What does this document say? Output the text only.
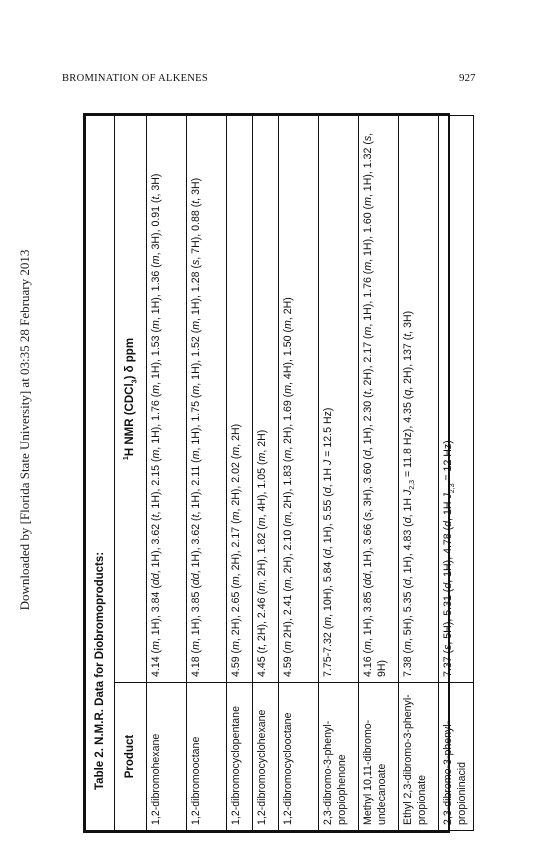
Downloaded by [Florida State University] at 03:35 28 February 2013
BROMINATION OF ALKENES	927
Table 2. N.M.R. Data for Diobromoproducts:	
Product	$^1$H NMR (CDCl$_3$) δ ppm
1,2-dibromohexane	4.14 (m, 1H), 3.84 (dd, 1H), 3.62 (t, 1H), 2.15 (m, 1H), 1.76 (m, 1H), 1.53 (m, 1H), 1.36 (m, 3H), 0.91 (t, 3H)
1,2-dibromooctane	4.18 (m, 1H), 3.85 (dd, 1H), 3.62 (t, 1H), 2.11 (m, 1H), 1.75 (m, 1H), 1.52 (m, 1H), 1.28 (s, 7H), 0.88 (t, 3H)
1,2-dibromocyclopentane	4.59 (m, 2H), 2.65 (m, 2H), 2.17 (m, 2H), 2.02 (m, 2H)
1,2-dibromocyclohexane	4.45 (t, 2H), 2.46 (m, 2H), 1.82 (m, 4H), 1.05 (m, 2H)
1,2-dibromocyclooctane	4.59 (m 2H), 2.41 (m, 2H), 2.10 (m, 2H), 1.83 (m, 2H), 1.69 (m, 4H), 1.50 (m, 2H)
2,3-dibromo-3-phenyl-propiophenone	7.75-7.32 (m, 10H), 5.84 (d, 1H), 5.55 (d, 1H J = 12.5 Hz)
Methyl 10,11-dibromo-undecanoate	4.16 (m, 1H), 3.85 (dd, 1H), 3.66 (s, 3H), 3.60 (d, 1H), 2.30 (t, 2H), 2.17 (m, 1H), 1.76 (m, 1H), 1.60 (m, 1H), 1.32 (s, 9H)
Ethyl 2,3-dibromo-3-phenyl-propionate	7.38 (m, 5H), 5.35 (d, 1H), 4.83 (d, 1H $J_{2,3} = 11.8$ Hz), 4.35 (q, 2H), 137 (t, 3H)
2,3-dibromo-3-phenyl-propioninacid	7.37 (s, 5H), 5.31 (d, 1H), 4.78 (d, 1H $J_{2,3} = 12$ Hz)
